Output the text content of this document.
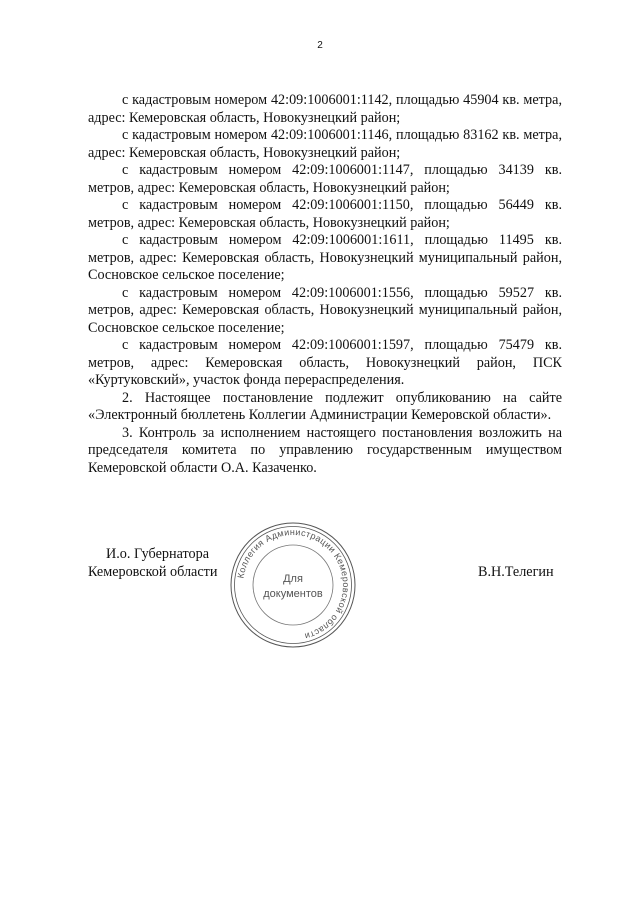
2

с кадастровым номером 42:09:1006001:1142, площадью 45904 кв. метра, адрес: Кемеровская область, Новокузнецкий район;

с кадастровым номером 42:09:1006001:1146, площадью 83162 кв. метра, адрес: Кемеровская область, Новокузнецкий район;

с кадастровым номером 42:09:1006001:1147, площадью 34139 кв. метров, адрес: Кемеровская область, Новокузнецкий район;

с кадастровым номером 42:09:1006001:1150, площадью 56449 кв. метров, адрес: Кемеровская область, Новокузнецкий район;

с кадастровым номером 42:09:1006001:1611, площадью 11495 кв. метров, адрес: Кемеровская область, Новокузнецкий муниципальный район, Сосновское сельское поселение;

с кадастровым номером 42:09:1006001:1556, площадью 59527 кв. метров, адрес: Кемеровская область, Новокузнецкий муниципальный район, Сосновское сельское поселение;

с кадастровым номером 42:09:1006001:1597, площадью 75479 кв. метров, адрес: Кемеровская область, Новокузнецкий район, ПСК «Куртуковский», участок фонда перераспределения.

2. Настоящее постановление подлежит опубликованию на сайте «Электронный бюллетень Коллегии Администрации Кемеровской области».

3. Контроль за исполнением настоящего постановления возложить на председателя комитета по управлению государственным имуществом Кемеровской области О.А. Казаченко.

И.о. Губернатора
Кемеровской области Коллегия Администрации Кемеровской области
Для
документов
В.Н.Телегин
